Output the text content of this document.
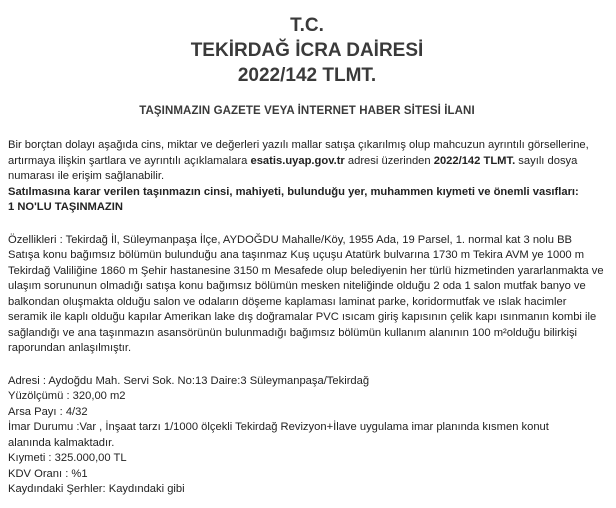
T.C.
TEKİRDAĞ İCRA DAİRESİ
2022/142 TLMT.
TAŞINMAZIN GAZETE VEYA İNTERNET HABER SİTESİ İLANI
Bir borçtan dolayı aşağıda cins, miktar ve değerleri yazılı mallar satışa çıkarılmış olup mahcuzun ayrıntılı görsellerine, artırmaya ilişkin şartlara ve ayrıntılı açıklamalara esatis.uyap.gov.tr adresi üzerinden 2022/142 TLMT. sayılı dosya numarası ile erişim sağlanabilir.
Satılmasına karar verilen taşınmazın cinsi, mahiyeti, bulunduğu yer, muhammen kıymeti ve önemli vasıfları:
1 NO'LU TAŞINMAZIN
Özellikleri : Tekirdağ İl, Süleymanpaşa İlçe, AYDOĞDU Mahalle/Köy, 1955 Ada, 19 Parsel, 1. normal kat 3 nolu BB Satışa konu bağımsız bölümün bulunduğu ana taşınmaz Kuş uçuşu Atatürk bulvarına 1730 m Tekira AVM ye 1000 m Tekirdağ Valiliğine 1860 m Şehir hastanesine 3150 m Mesafede olup belediyenin her türlü hizmetinden yararlanmakta ve ulaşım sorununun olmadığı satışa konu bağımsız bölümün mesken niteliğinde olduğu 2 oda 1 salon mutfak banyo ve balkondan oluşmakta olduğu salon ve odaların döşeme kaplaması laminat parke, koridormutfak ve ıslak hacimler seramik ile kaplı olduğu kapılar Amerikan lake dış doğramalar PVC ısıcam giriş kapısının çelik kapı ısınmanın kombi ile sağlandığı ve ana taşınmazın asansörünün bulunmadığı bağımsız bölümün kullanım alanının 100 m²olduğu bilirkişi raporundan anlaşılmıştır.
Adresi : Aydoğdu Mah. Servi Sok. No:13 Daire:3 Süleymanpaşa/Tekirdağ
Yüzölçümü : 320,00 m2
Arsa Payı : 4/32
İmar Durumu :Var , İnşaat tarzı 1/1000 ölçekli Tekirdağ Revizyon+İlave uygulama imar planında kısmen konut
alanında kalmaktadır.
Kıymeti : 325.000,00 TL
KDV Oranı : %1
Kaydındaki Şerhler: Kaydındaki gibi
